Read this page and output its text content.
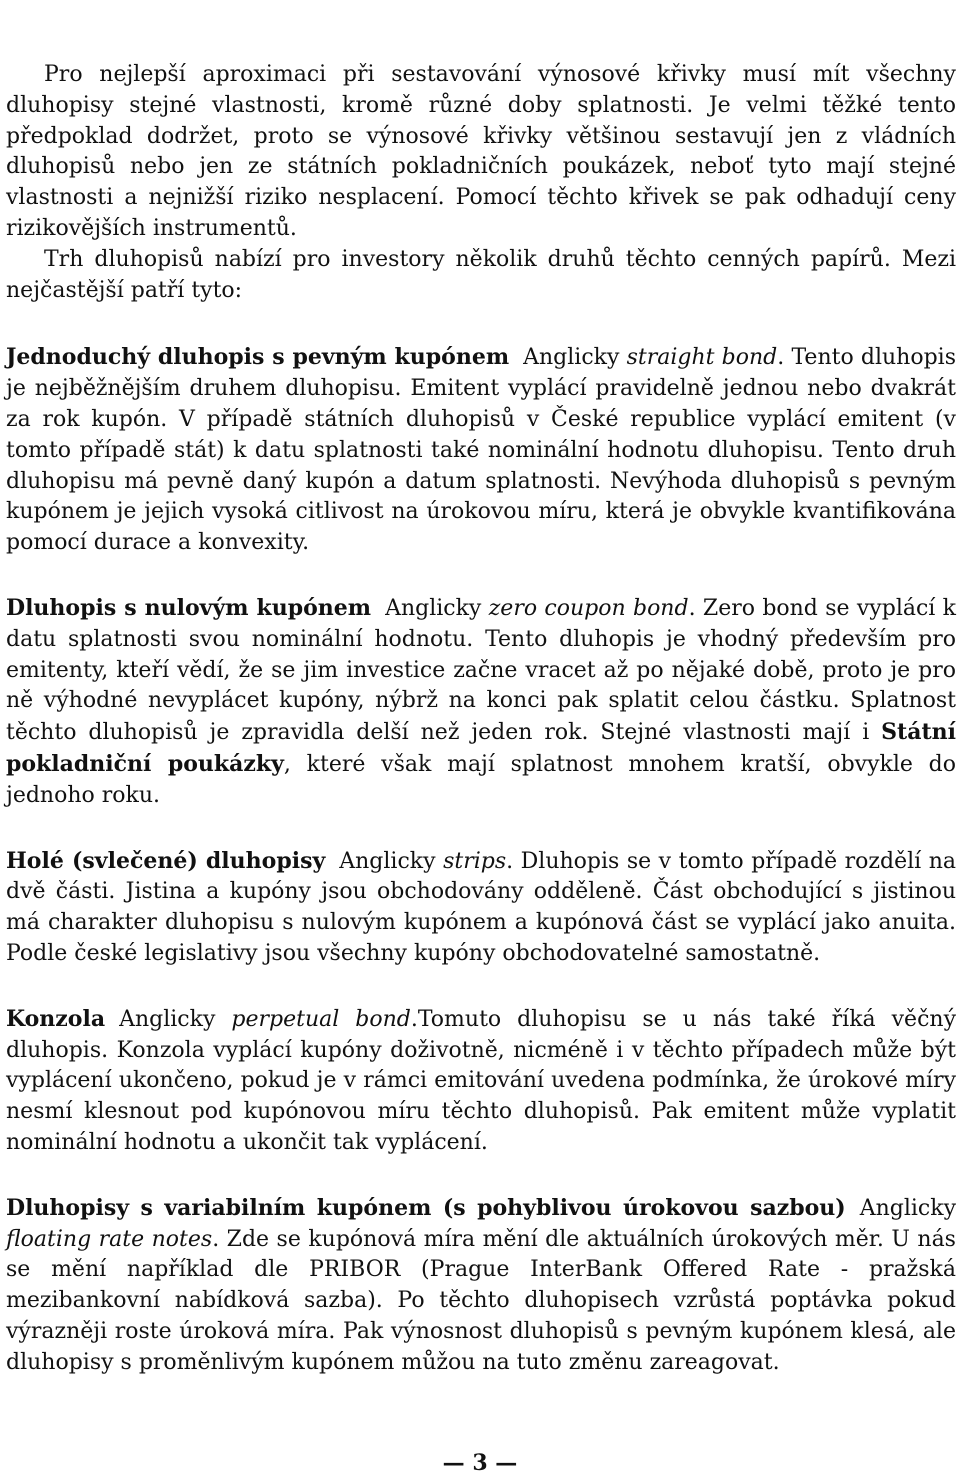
Pro nejlepší aproximaci při sestavování výnosové křivky musí mít všechny dluhopisy stejné vlastnosti, kromě různé doby splatnosti. Je velmi těžké tento předpoklad dodržet, proto se výnosové křivky většinou sestavují jen z vládních dluhopisů nebo jen ze státních pokladničních poukázek, neboť tyto mají stejné vlastnosti a nejnižší riziko nesplacení. Pomocí těchto křivek se pak odhadují ceny rizikovějších instrumentů.

Trh dluhopisů nabízí pro investory několik druhů těchto cenných papírů. Mezi nejčastější patří tyto:

Jednoduchý dluhopis s pevným kupónem Anglicky straight bond. Tento dluhopis je nejběžnějším druhem dluhopisu. Emitent vyplácí pravidelně jednou nebo dvakrát za rok kupón. V případě státních dluhopisů v České republice vyplácí emitent (v tomto případě stát) k datu splatnosti také nominální hodnotu dluhopisu. Tento druh dluhopisu má pevně daný kupón a datum splatnosti. Nevýhoda dluhopisů s pevným kupónem je jejich vysoká citlivost na úrokovou míru, která je obvykle kvantifikována pomocí durace a konvexity.

Dluhopis s nulovým kupónem Anglicky zero coupon bond. Zero bond se vyplácí k datu splatnosti svou nominální hodnotu. Tento dluhopis je vhodný především pro emitenty, kteří vědí, že se jim investice začne vracet až po nějaké době, proto je pro ně výhodné nevyplácet kupóny, nýbrž na konci pak splatit celou částku. Splatnost těchto dluhopisů je zpravidla delší než jeden rok. Stejné vlastnosti mají i Státní pokladniční poukázky, které však mají splatnost mnohem kratší, obvykle do jednoho roku.

Holé (svlečené) dluhopisy Anglicky strips. Dluhopis se v tomto případě rozdělí na dvě části. Jistina a kupóny jsou obchodovány odděleně. Část obchodující s jistinou má charakter dluhopisu s nulovým kupónem a kupónová část se vyplácí jako anuita. Podle české legislativy jsou všechny kupóny obchodovatelné samostatně.

Konzola Anglicky perpetual bond.Tomuto dluhopisu se u nás také říká věčný dluhopis. Konzola vyplácí kupóny doživotně, nicméně i v těchto případech může být vyplácení ukončeno, pokud je v rámci emitování uvedena podmínka, že úrokové míry nesmí klesnout pod kupónovou míru těchto dluhopisů. Pak emitent může vyplatit nominální hodnotu a ukončit tak vyplácení.

Dluhopisy s variabilním kupónem (s pohyblivou úrokovou sazbou) Anglicky floating rate notes. Zde se kupónová míra mění dle aktuálních úrokových měr. U nás se mění například dle PRIBOR (Prague InterBank Offered Rate - pražská mezibankovní nabídková sazba). Po těchto dluhopisech vzrůstá poptávka pokud výrazněji roste úroková míra. Pak výnosnost dluhopisů s pevným kupónem klesá, ale dluhopisy s proměnlivým kupónem můžou na tuto změnu zareagovat.

— 3 —
